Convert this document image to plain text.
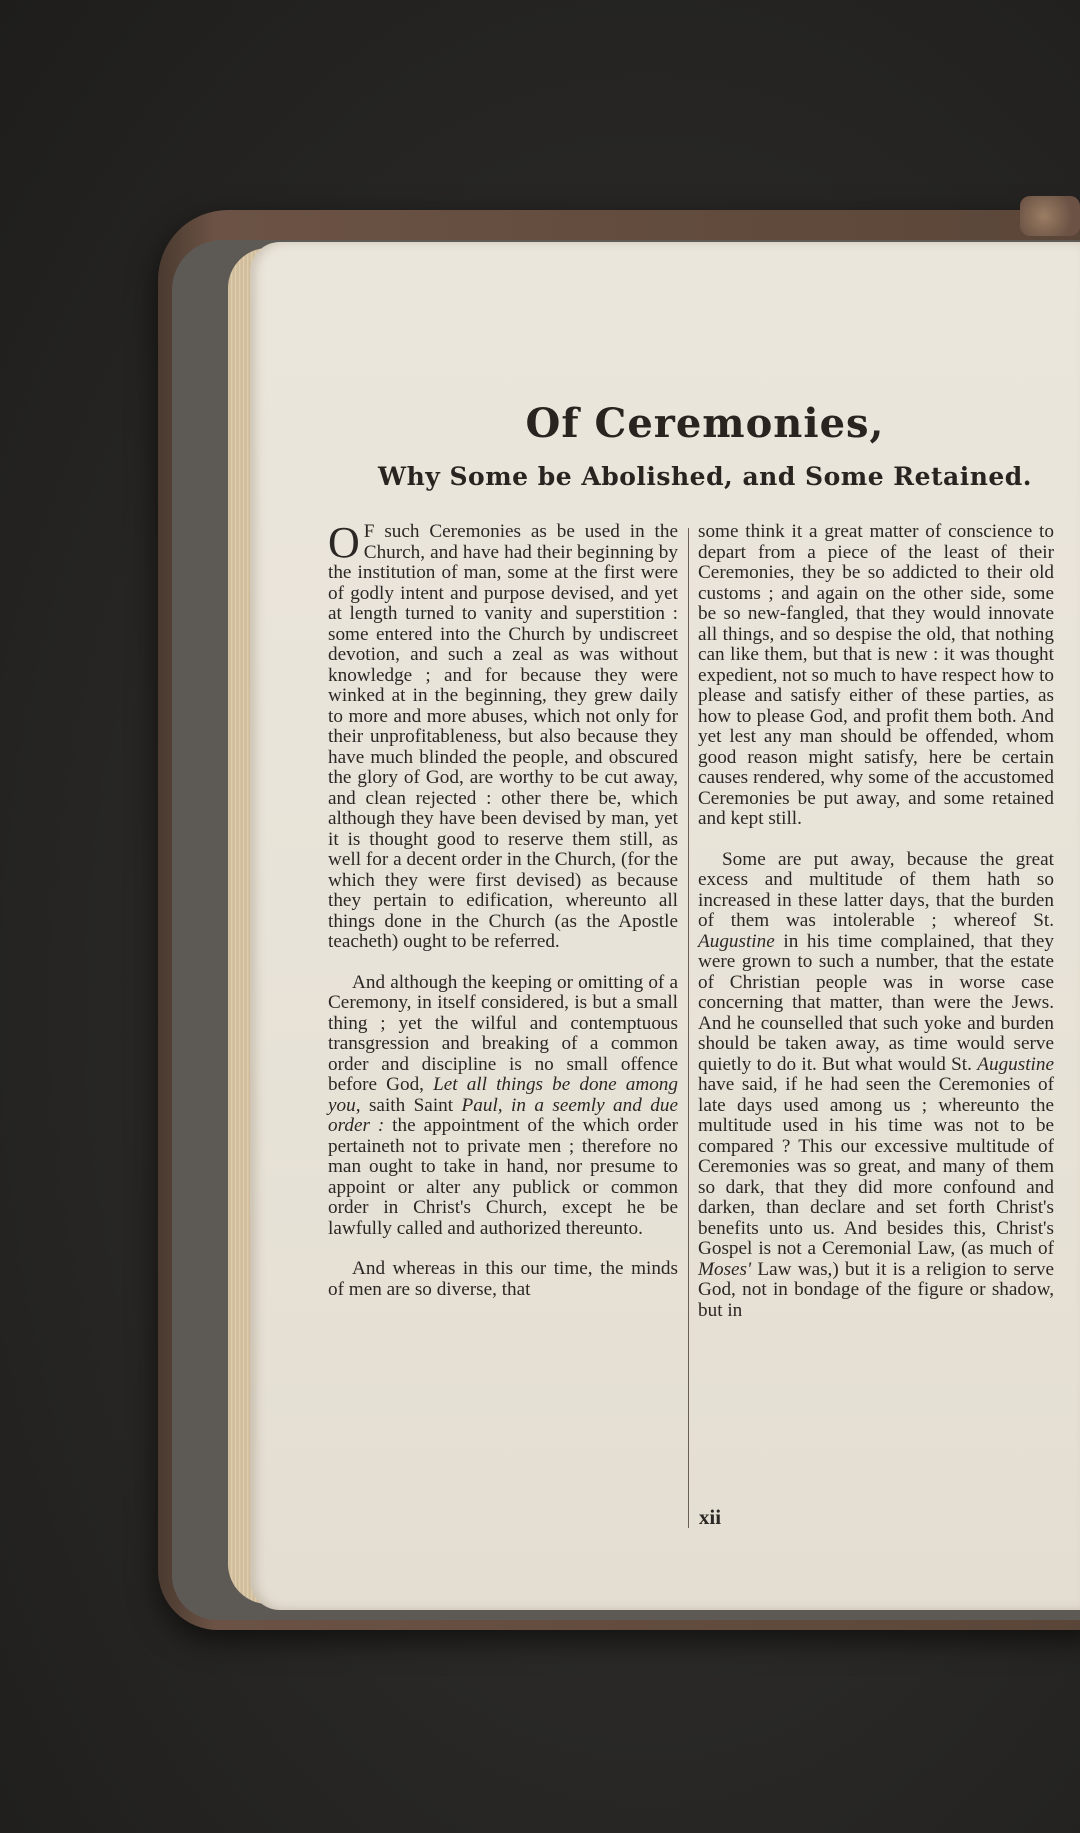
Of Ceremonies,
Why Some be Abolished, and Some Retained.

O F such Ceremonies as be used in the Church, and have had their beginning by the institution of man, some at the first were of godly intent and purpose devised, and yet at length turned to vanity and superstition : some entered into the Church by undiscreet devotion, and such a zeal as was without knowledge ; and for because they were winked at in the beginning, they grew daily to more and more abuses, which not only for their unprofitableness, but also because they have much blinded the people, and obscured the glory of God, are worthy to be cut away, and clean rejected : other there be, which although they have been devised by man, yet it is thought good to reserve them still, as well for a decent order in the Church, (for the which they were first devised) as because they pertain to edification, whereunto all things done in the Church (as the Apostle teacheth) ought to be referred.

And although the keeping or omitting of a Ceremony, in itself considered, is but a small thing ; yet the wilful and contemptuous transgression and breaking of a common order and discipline is no small offence before God, Let all things be done among you, saith Saint Paul, in a seemly and due order : the appointment of the which order pertaineth not to private men ; therefore no man ought to take in hand, nor presume to appoint or alter any publick or common order in Christ's Church, except he be lawfully called and authorized thereunto.

And whereas in this our time, the minds of men are so diverse, that

some think it a great matter of conscience to depart from a piece of the least of their Ceremonies, they be so addicted to their old customs ; and again on the other side, some be so new-fangled, that they would innovate all things, and so despise the old, that nothing can like them, but that is new : it was thought expedient, not so much to have respect how to please and satisfy either of these parties, as how to please God, and profit them both. And yet lest any man should be offended, whom good reason might satisfy, here be certain causes rendered, why some of the accustomed Ceremonies be put away, and some retained and kept still.

Some are put away, because the great excess and multitude of them hath so increased in these latter days, that the burden of them was intolerable ; whereof St. Augustine in his time complained, that they were grown to such a number, that the estate of Christian people was in worse case concerning that matter, than were the Jews. And he counselled that such yoke and burden should be taken away, as time would serve quietly to do it. But what would St. Augustine have said, if he had seen the Ceremonies of late days used among us ; whereunto the multitude used in his time was not to be compared ? This our excessive multitude of Ceremonies was so great, and many of them so dark, that they did more confound and darken, than declare and set forth Christ's benefits unto us. And besides this, Christ's Gospel is not a Ceremonial Law, (as much of Moses' Law was,) but it is a religion to serve God, not in bondage of the figure or shadow, but in

xii
